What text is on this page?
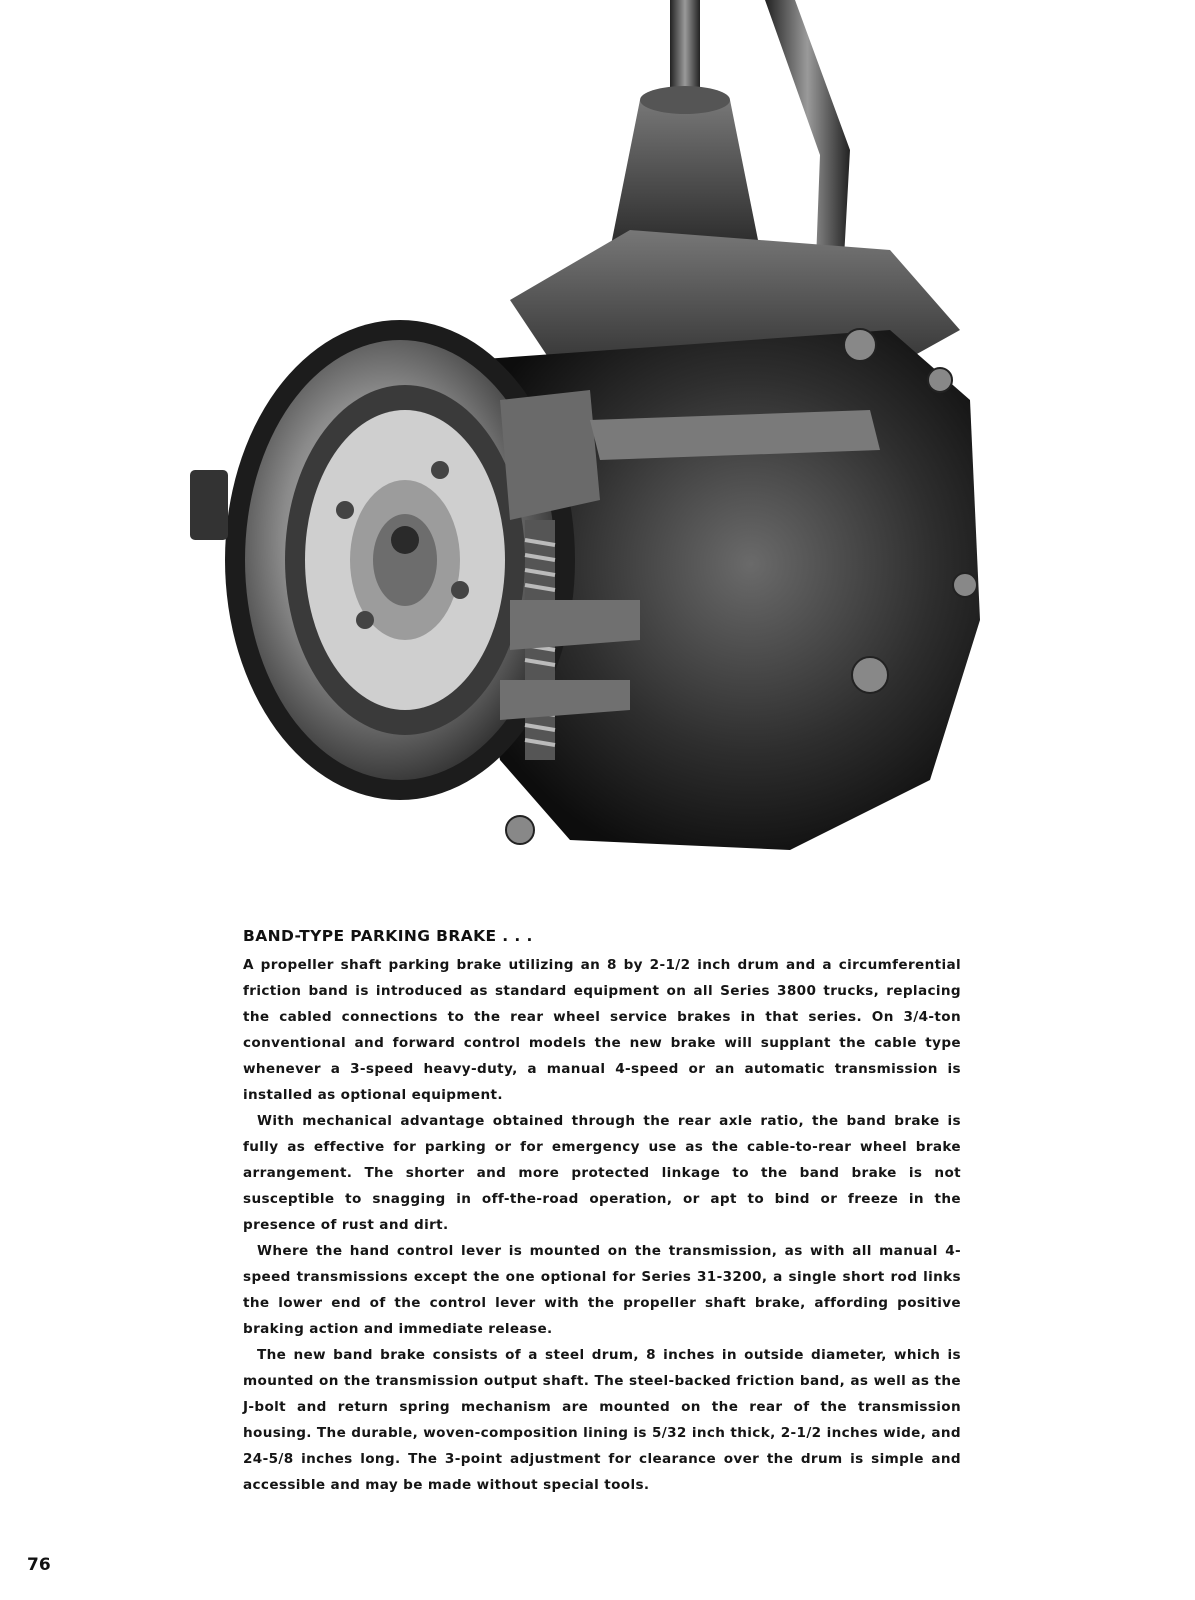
BAND-TYPE PARKING BRAKE . . .

A propeller shaft parking brake utilizing an 8 by 2-1/2 inch drum and a circumferential friction band is introduced as standard equipment on all Series 3800 trucks, replacing the cabled connections to the rear wheel service brakes in that series. On 3/4-ton conventional and forward control models the new brake will supplant the cable type whenever a 3-speed heavy-duty, a manual 4-speed or an automatic transmission is installed as optional equipment.

With mechanical advantage obtained through the rear axle ratio, the band brake is fully as effective for parking or for emergency use as the cable-to-rear wheel brake arrangement. The shorter and more protected linkage to the band brake is not susceptible to snagging in off-the-road operation, or apt to bind or freeze in the presence of rust and dirt.

Where the hand control lever is mounted on the transmission, as with all manual 4-speed transmissions except the one optional for Series 31-3200, a single short rod links the lower end of the control lever with the propeller shaft brake, affording positive braking action and immediate release.

The new band brake consists of a steel drum, 8 inches in outside diameter, which is mounted on the transmission output shaft. The steel-backed friction band, as well as the J-bolt and return spring mechanism are mounted on the rear of the transmission housing. The durable, woven-composition lining is 5/32 inch thick, 2-1/2 inches wide, and 24-5/8 inches long. The 3-point adjustment for clearance over the drum is simple and accessible and may be made without special tools.

76
